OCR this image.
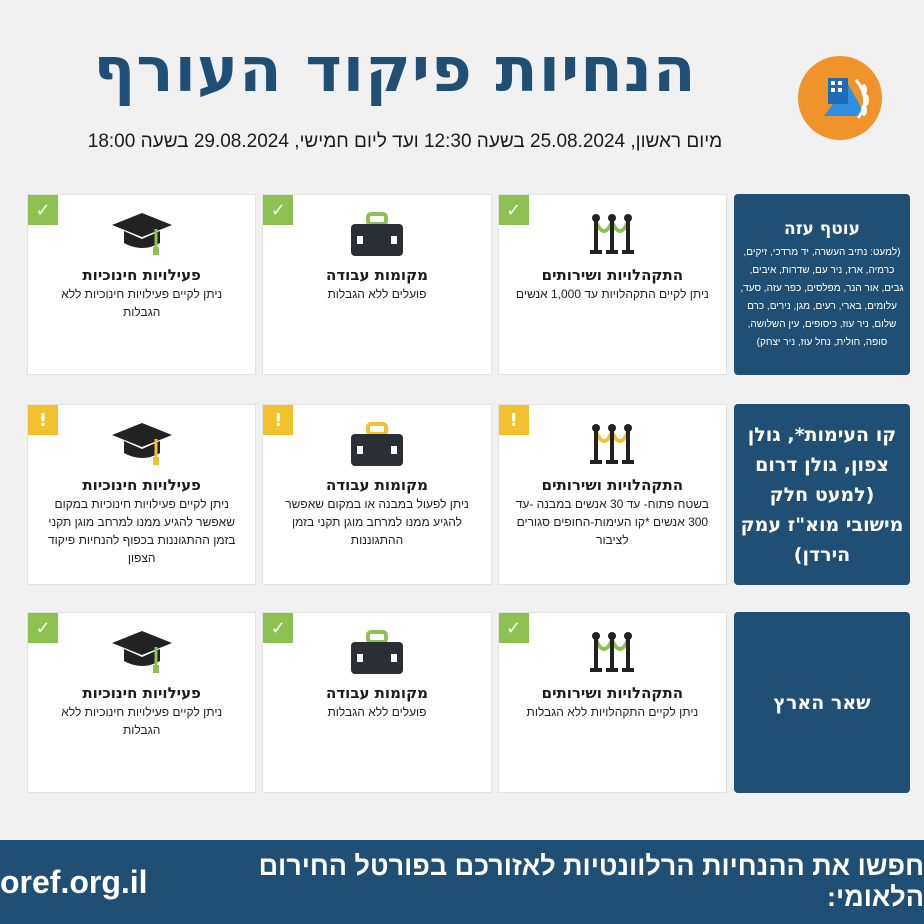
הנחיות פיקוד העורף
מיום ראשון, 25.08.2024 בשעה 12:30 ועד ליום חמישי, 29.08.2024 בשעה 18:00
עוטף עזה
(למעט: נתיב העשרה, יד מרדכי, זיקים, כרמיה, ארז, ניר עם, שדרות, איבים, גבים, אור הנר, מפלסים, כפר עזה, סעד, עלומים, בארי, רעים, מגן, נירים, כרם שלום, ניר עוז, כיסופים, עין השלושה, סופה, חולית, נחל עוז, ניר יצחק)
✓
התקהלויות ושירותים
ניתן לקיים התקהלויות עד 1,000 אנשים
✓
מקומות עבודה
פועלים ללא הגבלות
✓
פעילויות חינוכיות
ניתן לקיים פעילויות חינוכיות ללא הגבלות
קו העימות*, גולן צפון, גולן דרום (למעט חלק מישובי מוא"ז עמק הירדן)
!
התקהלויות ושירותים
בשטח פתוח- עד 30 אנשים במבנה -עד 300 אנשים *קו העימות-החופים סגורים לציבור
!
מקומות עבודה
ניתן לפעול במבנה או במקום שאפשר להגיע ממנו למרחב מוגן תקני בזמן ההתגוננות
!
פעילויות חינוכיות
ניתן לקיים פעילויות חינוכיות במקום שאפשר להגיע ממנו למרחב מוגן תקני בזמן ההתגוננות בכפוף להנחיות פיקוד הצפון
שאר הארץ
✓
התקהלויות ושירותים
ניתן לקיים התקהלויות ללא הגבלות
✓
מקומות עבודה
פועלים ללא הגבלות
✓
פעילויות חינוכיות
ניתן לקיים פעילויות חינוכיות ללא הגבלות
חפשו את ההנחיות הרלוונטיות לאזורכם בפורטל החירום הלאומי:
oref.org.il
